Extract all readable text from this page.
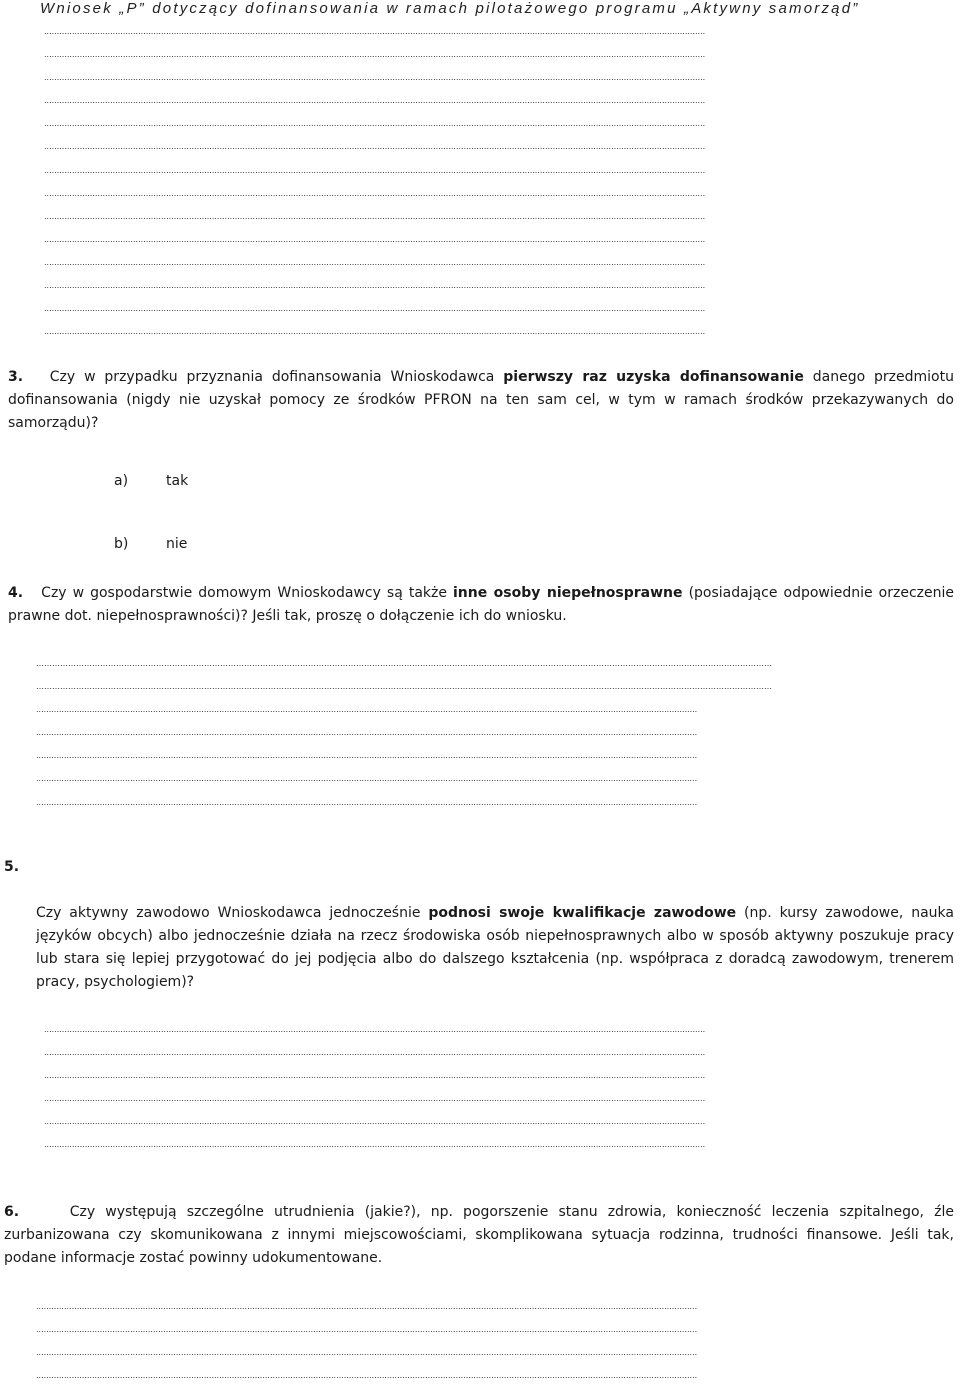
Wniosek „P” dotyczący dofinansowania w ramach pilotażowego programu „Aktywny samorząd”
....................................................................................................................................................................................................................................................................
....................................................................................................................................................................................................................................................................
....................................................................................................................................................................................................................................................................
....................................................................................................................................................................................................................................................................
....................................................................................................................................................................................................................................................................
....................................................................................................................................................................................................................................................................
....................................................................................................................................................................................................................................................................
....................................................................................................................................................................................................................................................................
....................................................................................................................................................................................................................................................................
....................................................................................................................................................................................................................................................................
....................................................................................................................................................................................................................................................................
....................................................................................................................................................................................................................................................................
....................................................................................................................................................................................................................................................................
....................................................................................................................................................................................................................................................................
3. Czy w przypadku przyznania dofinansowania Wnioskodawca pierwszy raz uzyska dofinansowanie danego przedmiotu dofinansowania (nigdy nie uzyskał pomocy ze środków PFRON na ten sam cel, w tym w ramach środków przekazywanych do samorządu)?
a)	tak
b)	nie
4. Czy w gospodarstwie domowym Wnioskodawcy są także inne osoby niepełnosprawne (posiadające odpowiednie orzeczenie prawne dot. niepełnosprawności)? Jeśli tak, proszę o dołączenie ich do wniosku.
……………………………………………………………………………………………………………………………………………………………………………………………………………………………………………………
……………………………………………………………………………………………………………………………………………………………………………………………………………………………………………………
....................................................................................................................................................................................................................................................................
....................................................................................................................................................................................................................................................................
....................................................................................................................................................................................................................................................................
....................................................................................................................................................................................................................................................................
....................................................................................................................................................................................................................................................................
5.
Czy aktywny zawodowo Wnioskodawca jednocześnie podnosi swoje kwalifikacje zawodowe (np. kursy zawodowe, nauka języków obcych) albo jednocześnie działa na rzecz środowiska osób niepełnosprawnych albo w sposób aktywny poszukuje pracy lub stara się lepiej przygotować do jej podjęcia albo do dalszego kształcenia (np. współpraca z doradcą zawodowym, trenerem pracy, psychologiem)?
....................................................................................................................................................................................................................................................................
....................................................................................................................................................................................................................................................................
....................................................................................................................................................................................................................................................................
....................................................................................................................................................................................................................................................................
....................................................................................................................................................................................................................................................................
....................................................................................................................................................................................................................................................................
6.	Czy występują szczególne utrudnienia (jakie?), np. pogorszenie stanu zdrowia, konieczność leczenia szpitalnego, źle zurbanizowana czy skomunikowana z innymi miejscowościami, skomplikowana sytuacja rodzinna, trudności finansowe. Jeśli tak, podane informacje zostać powinny udokumentowane.
....................................................................................................................................................................................................................................................................
....................................................................................................................................................................................................................................................................
....................................................................................................................................................................................................................................................................
....................................................................................................................................................................................................................................................................
